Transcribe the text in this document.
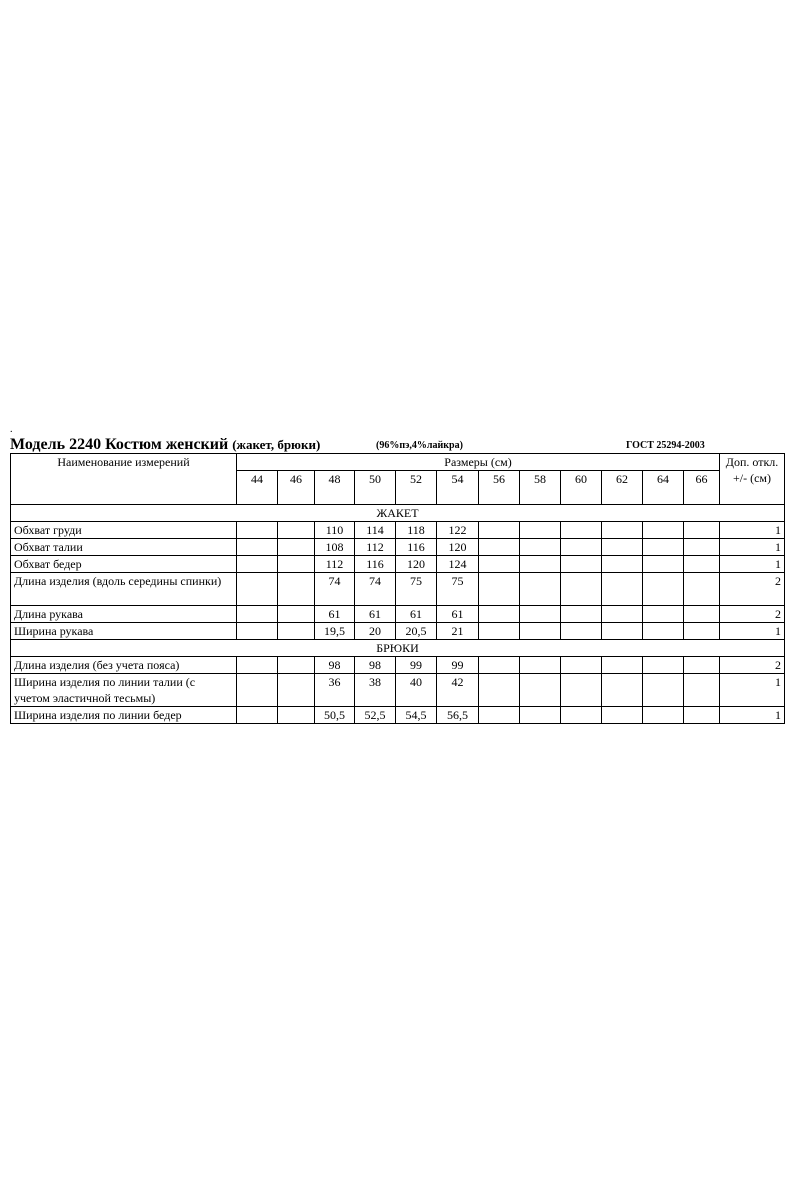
.
Модель 2240 Костюм женский (жакет, брюки)	(96%пэ,4%лайкра)	ГОСТ 25294-2003
Наименование измерений	Размеры (см)												Доп. откл. +/- (см)
	44	46	48	50	52	54	56	58	60	62	64	66	
ЖАКЕТ													
Обхват груди			110	114	118	122							1
Обхват талии			108	112	116	120							1
Обхват бедер			112	116	120	124							1
Длина изделия (вдоль середины спинки)			74	74	75	75							2
Длина рукава			61	61	61	61							2
Ширина рукава			19,5	20	20,5	21							1
БРЮКИ													
Длина изделия (без учета пояса)			98	98	99	99							2
Ширина изделия по линии талии (с учетом эластичной тесьмы)			36	38	40	42							1
Ширина изделия по линии бедер			50,5	52,5	54,5	56,5							1
